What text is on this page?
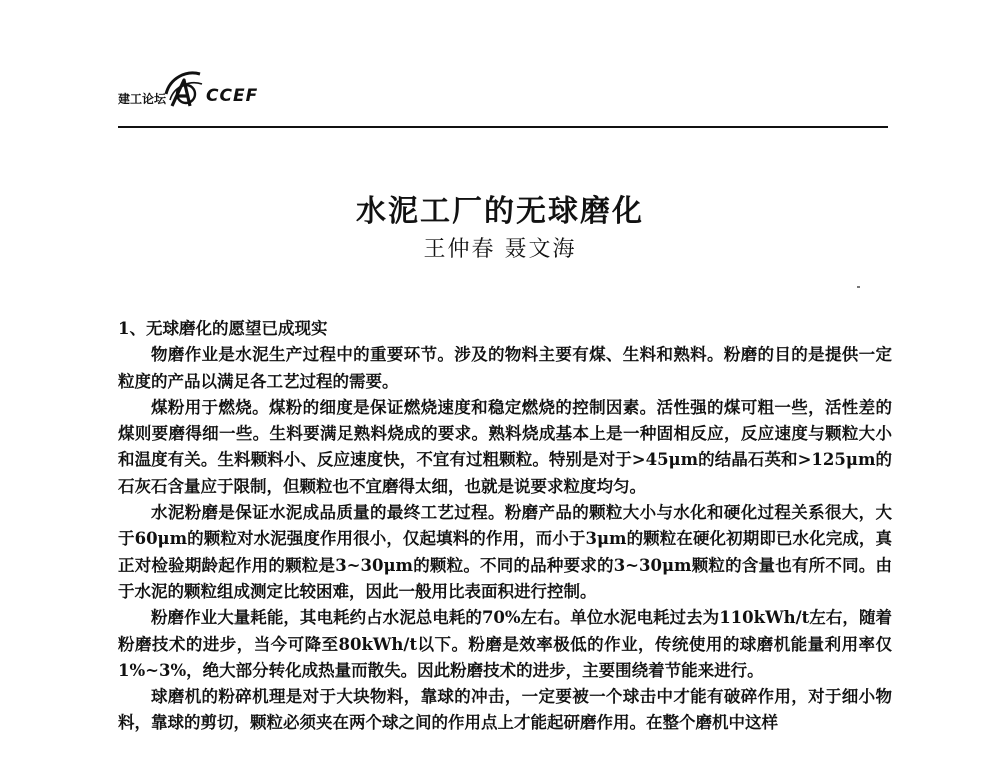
建工论坛 CCEF
水泥工厂的无球磨化
王仲春 聂文海

1、无球磨化的愿望已成现实

物磨作业是水泥生产过程中的重要环节。涉及的物料主要有煤、生料和熟料。粉磨的目的是提供一定粒度的产品以满足各工艺过程的需要。

煤粉用于燃烧。煤粉的细度是保证燃烧速度和稳定燃烧的控制因素。活性强的煤可粗一些，活性差的煤则要磨得细一些。生料要满足熟料烧成的要求。熟料烧成基本上是一种固相反应，反应速度与颗粒大小和温度有关。生料颗料小、反应速度快，不宜有过粗颗粒。特别是对于>45μm的结晶石英和>125μm的石灰石含量应于限制，但颗粒也不宜磨得太细，也就是说要求粒度均匀。

水泥粉磨是保证水泥成品质量的最终工艺过程。粉磨产品的颗粒大小与水化和硬化过程关系很大，大于60μm的颗粒对水泥强度作用很小，仅起填料的作用，而小于3μm的颗粒在硬化初期即已水化完成，真正对检验期龄起作用的颗粒是3~30μm的颗粒。不同的品种要求的3~30μm颗粒的含量也有所不同。由于水泥的颗粒组成测定比较困难，因此一般用比表面积进行控制。

粉磨作业大量耗能，其电耗约占水泥总电耗的70%左右。单位水泥电耗过去为110kWh/t左右，随着粉磨技术的进步，当今可降至80kWh/t以下。粉磨是效率极低的作业，传统使用的球磨机能量利用率仅1%~3%，绝大部分转化成热量而散失。因此粉磨技术的进步，主要围绕着节能来进行。

球磨机的粉碎机理是对于大块物料，靠球的冲击，一定要被一个球击中才能有破碎作用，对于细小物料，靠球的剪切，颗粒必须夹在两个球之间的作用点上才能起研磨作用。在整个磨机中这样
